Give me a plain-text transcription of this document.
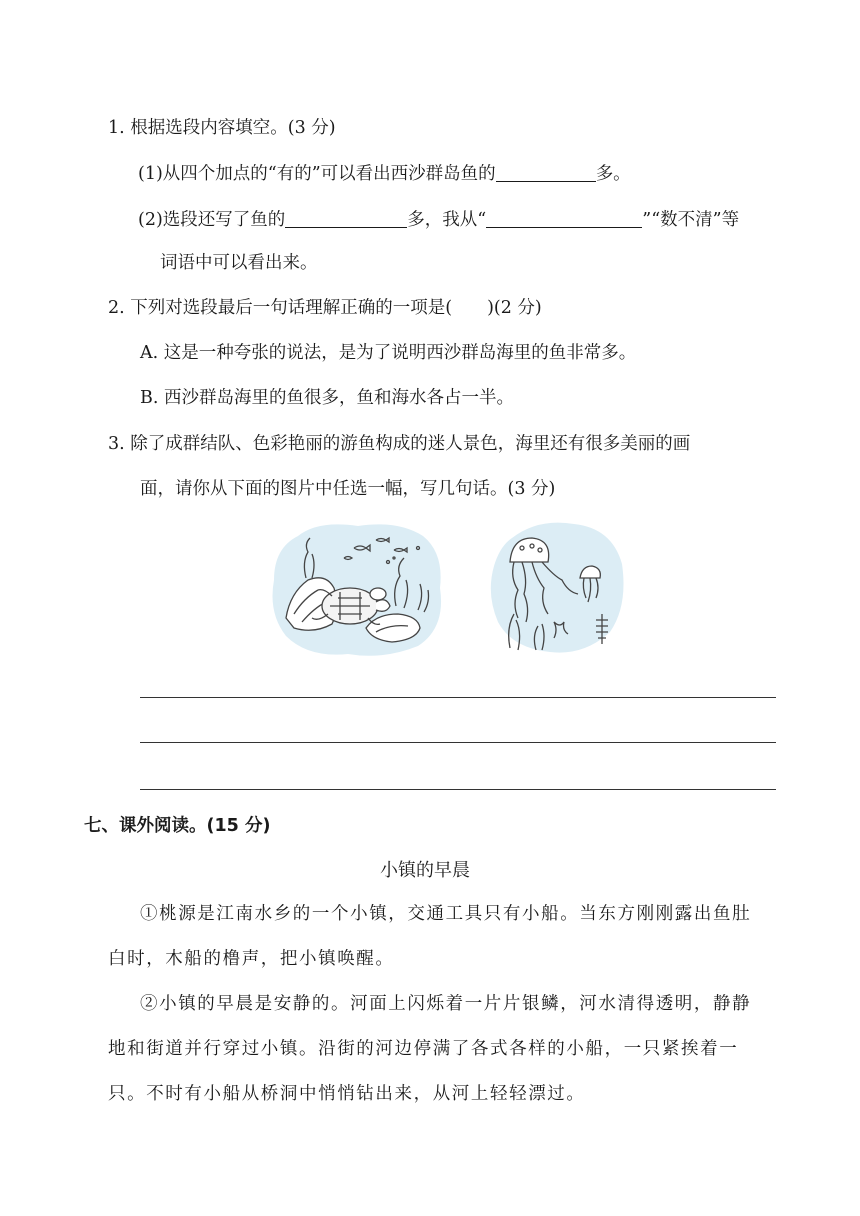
1. 根据选段内容填空。(3 分)
(1)从四个加点的“有的”可以看出西沙群岛鱼的	多。
(2)选段还写了鱼的	多，我从“	”“数不清”等
词语中可以看出来。
2. 下列对选段最后一句话理解正确的一项是(　　)(2 分)
A. 这是一种夸张的说法，是为了说明西沙群岛海里的鱼非常多。
B. 西沙群岛海里的鱼很多，鱼和海水各占一半。
3. 除了成群结队、色彩艳丽的游鱼构成的迷人景色，海里还有很多美丽的画
面，请你从下面的图片中任选一幅，写几句话。(3 分)
七、课外阅读。(15 分)
小镇的早晨
①桃源是江南水乡的一个小镇，交通工具只有小船。当东方刚刚露出鱼肚
白时，木船的橹声，把小镇唤醒。
②小镇的早晨是安静的。河面上闪烁着一片片银鳞，河水清得透明，静静
地和街道并行穿过小镇。沿街的河边停满了各式各样的小船，一只紧挨着一
只。不时有小船从桥洞中悄悄钻出来，从河上轻轻漂过。
